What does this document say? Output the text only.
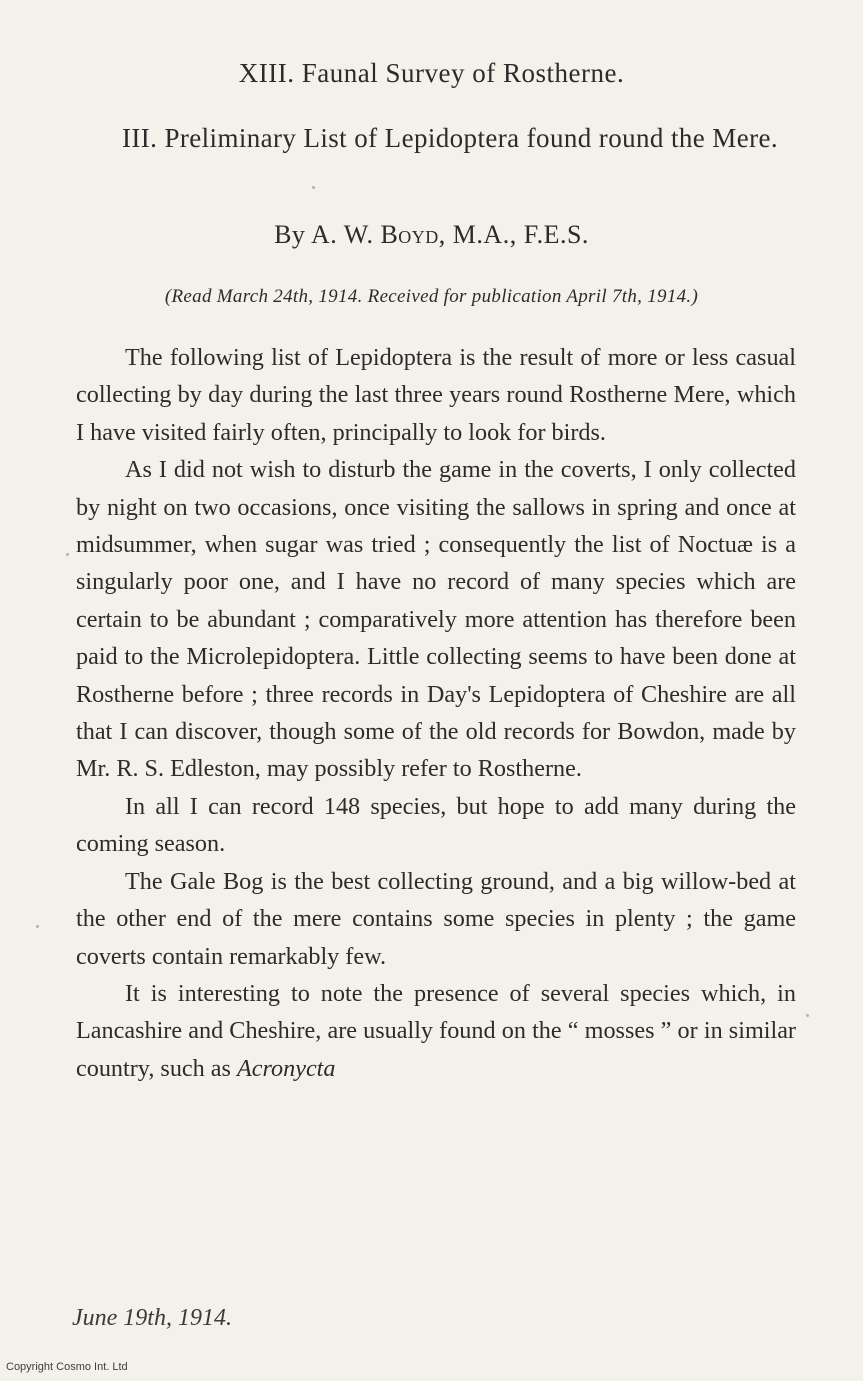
XIII. Faunal Survey of Rostherne.
III. Preliminary List of Lepidoptera found round the Mere.
By A. W. Boyd, M.A., F.E.S.
(Read March 24th, 1914. Received for publication April 7th, 1914.)

The following list of Lepidoptera is the result of more or less casual collecting by day during the last three years round Rostherne Mere, which I have visited fairly often, principally to look for birds.

As I did not wish to disturb the game in the coverts, I only collected by night on two occasions, once visiting the sallows in spring and once at midsummer, when sugar was tried ; consequently the list of Noctuæ is a singularly poor one, and I have no record of many species which are certain to be abundant ; comparatively more attention has therefore been paid to the Microlepidoptera. Little collecting seems to have been done at Rostherne before ; three records in Day's Lepidoptera of Cheshire are all that I can discover, though some of the old records for Bowdon, made by Mr. R. S. Edleston, may possibly refer to Rostherne.

In all I can record 148 species, but hope to add many during the coming season.

The Gale Bog is the best collecting ground, and a big willow-bed at the other end of the mere contains some species in plenty ; the game coverts contain remarkably few.

It is interesting to note the presence of several species which, in Lancashire and Cheshire, are usually found on the “ mosses ” or in similar country, such as Acronycta

June 19th, 1914.
Copyright Cosmo Int. Ltd
